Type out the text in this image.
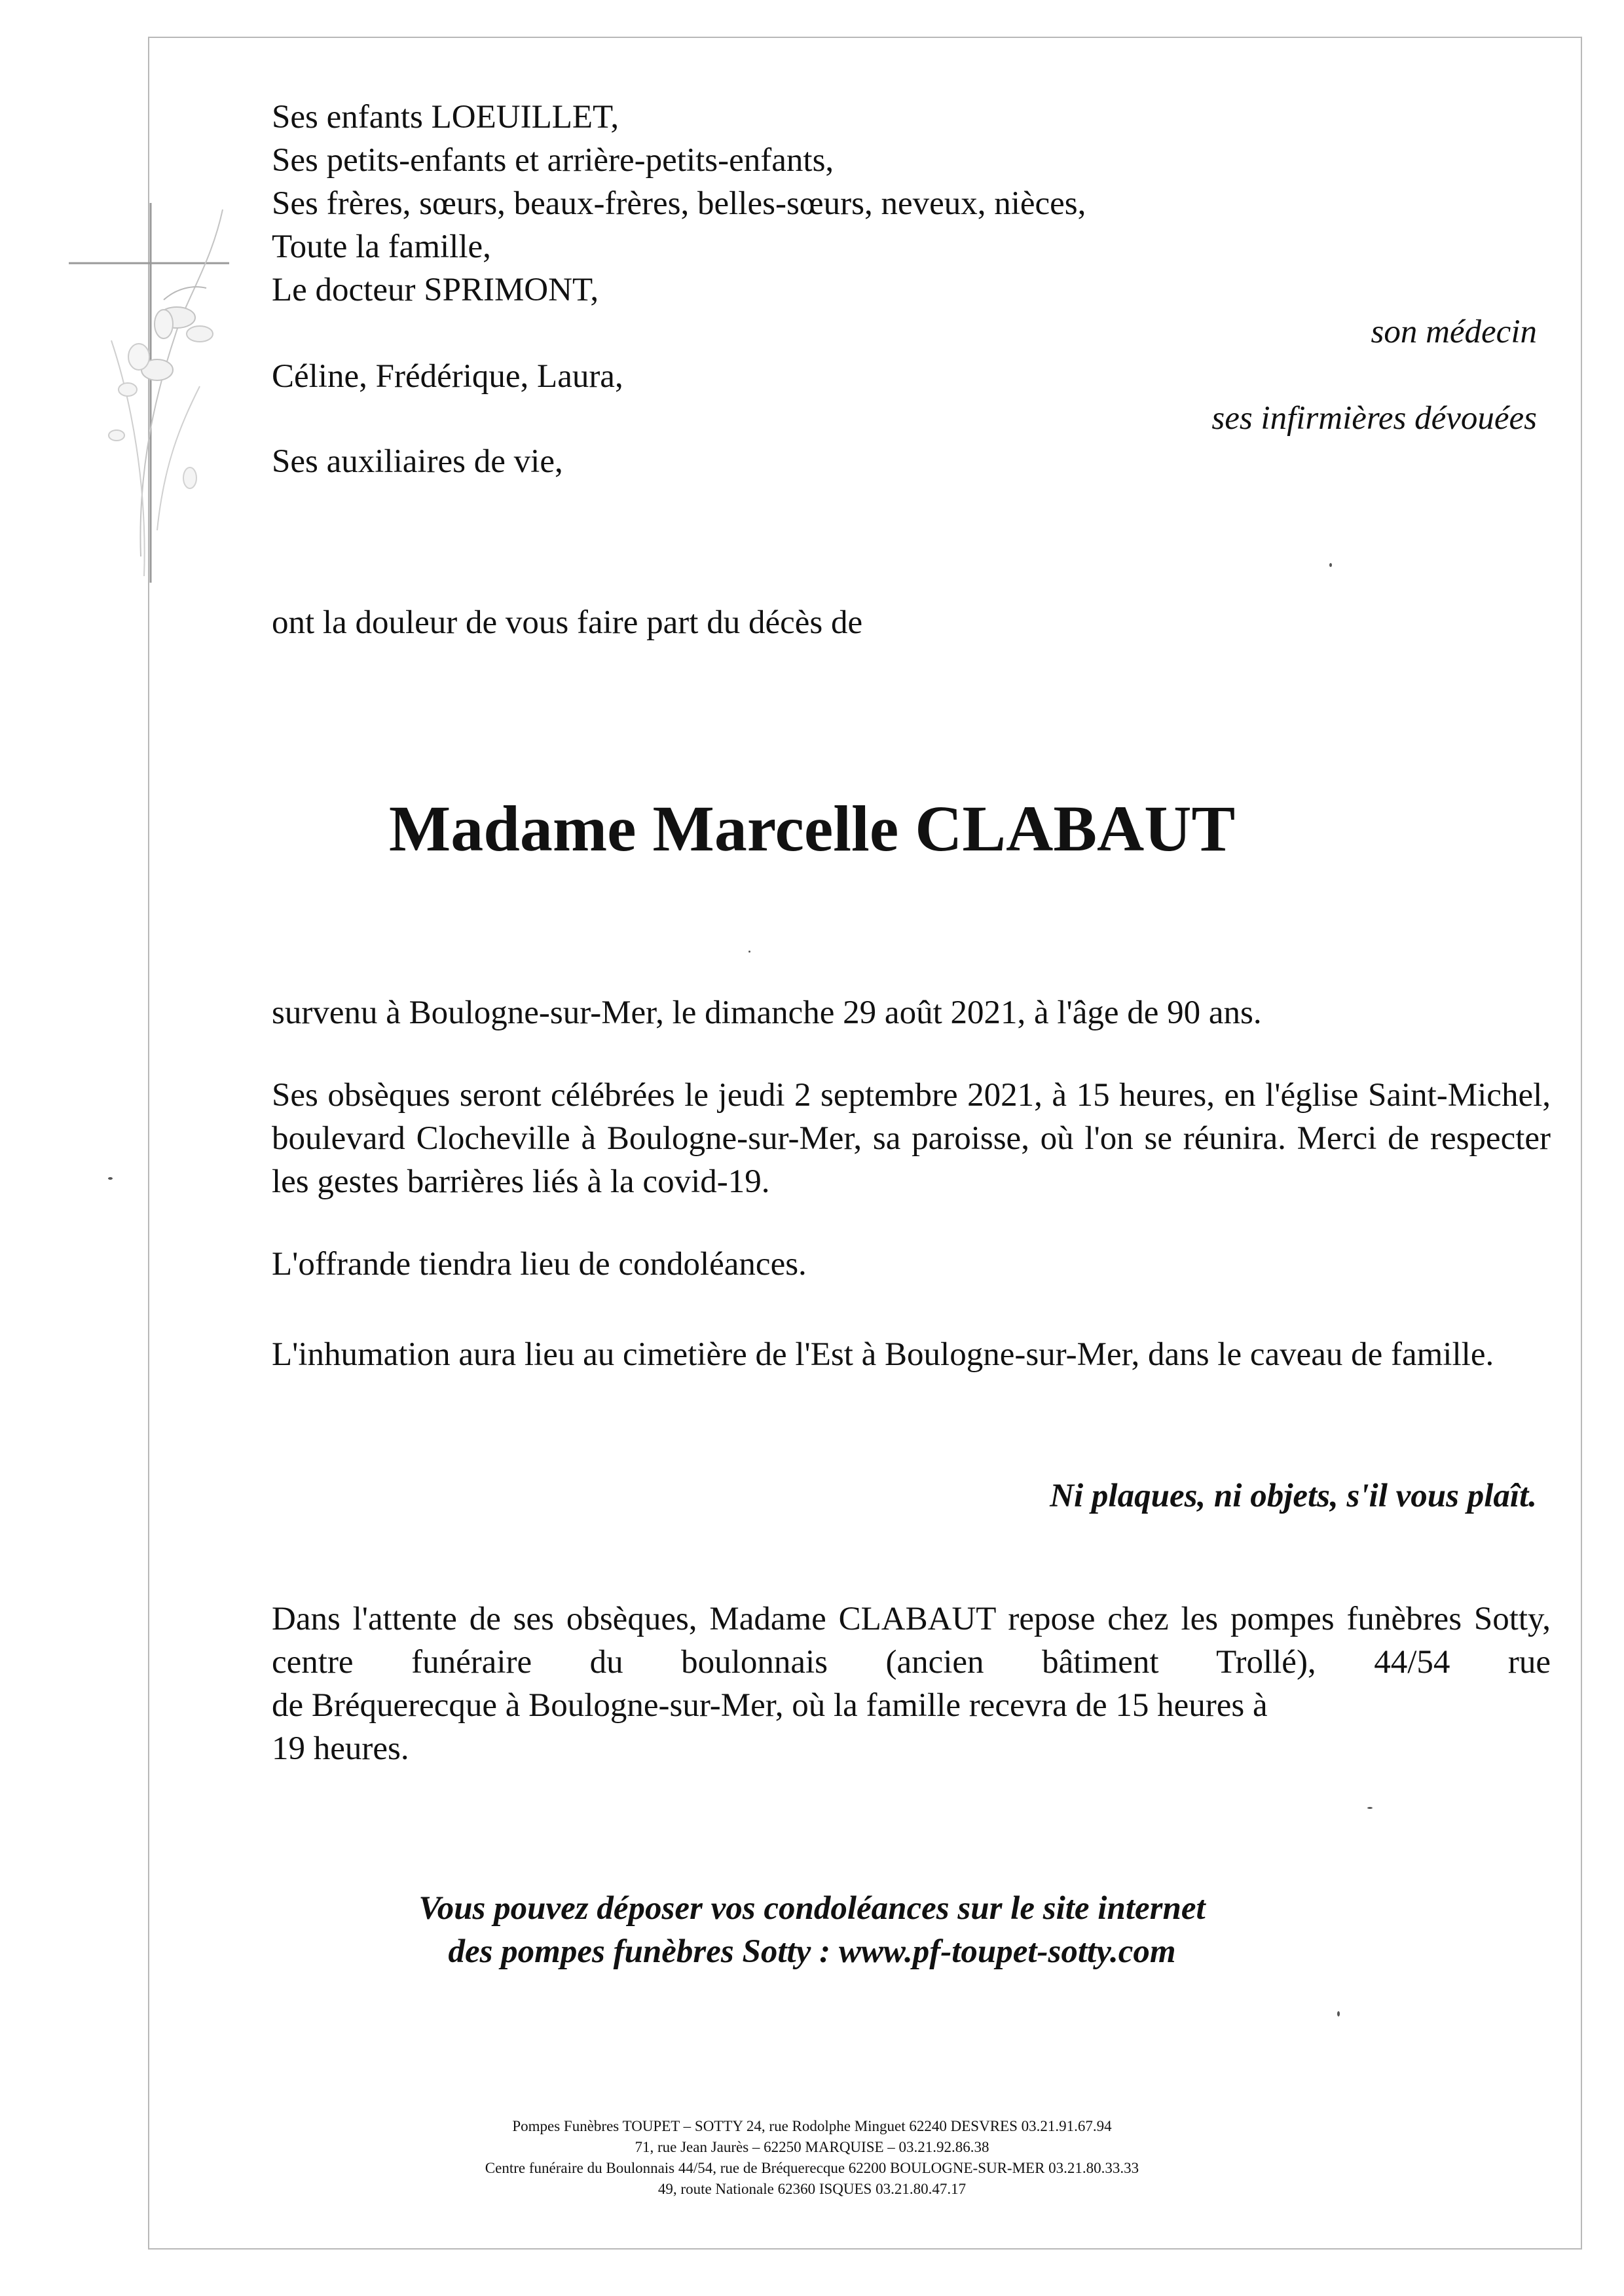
Ses enfants LOEUILLET,
Ses petits-enfants et arrière-petits-enfants,
Ses frères, sœurs, beaux-frères, belles-sœurs, neveux, nièces,
Toute la famille,
Le docteur SPRIMONT,
son médecin
Céline, Frédérique, Laura,
ses infirmières dévouées
Ses auxiliaires de vie,
ont la douleur de vous faire part du décès de
Madame Marcelle CLABAUT
survenu à Boulogne-sur-Mer, le dimanche 29 août 2021, à l'âge de 90 ans.
Ses obsèques seront célébrées le jeudi 2 septembre 2021, à 15 heures, en l'église Saint-Michel, boulevard Clocheville à Boulogne-sur-Mer, sa paroisse, où l'on se réunira. Merci de respecter les gestes barrières liés à la covid-19.
L'offrande tiendra lieu de condoléances.
L'inhumation aura lieu au cimetière de l'Est à Boulogne-sur-Mer, dans le caveau de famille.
Ni plaques, ni objets, s'il vous plaît.
Dans l'attente de ses obsèques, Madame CLABAUT repose chez les pompes funèbres Sotty, centre funéraire du boulonnais (ancien bâtiment Trollé), 44/54 rue
de Bréquerecque à Boulogne-sur-Mer, où la famille recevra de 15 heures à
19 heures.
Vous pouvez déposer vos condoléances sur le site internet
des pompes funèbres Sotty : www.pf-toupet-sotty.com
Pompes Funèbres TOUPET – SOTTY 24, rue Rodolphe Minguet 62240 DESVRES 03.21.91.67.94
71, rue Jean Jaurès – 62250 MARQUISE – 03.21.92.86.38
Centre funéraire du Boulonnais 44/54, rue de Bréquerecque 62200 BOULOGNE-SUR-MER 03.21.80.33.33
49, route Nationale 62360 ISQUES 03.21.80.47.17
